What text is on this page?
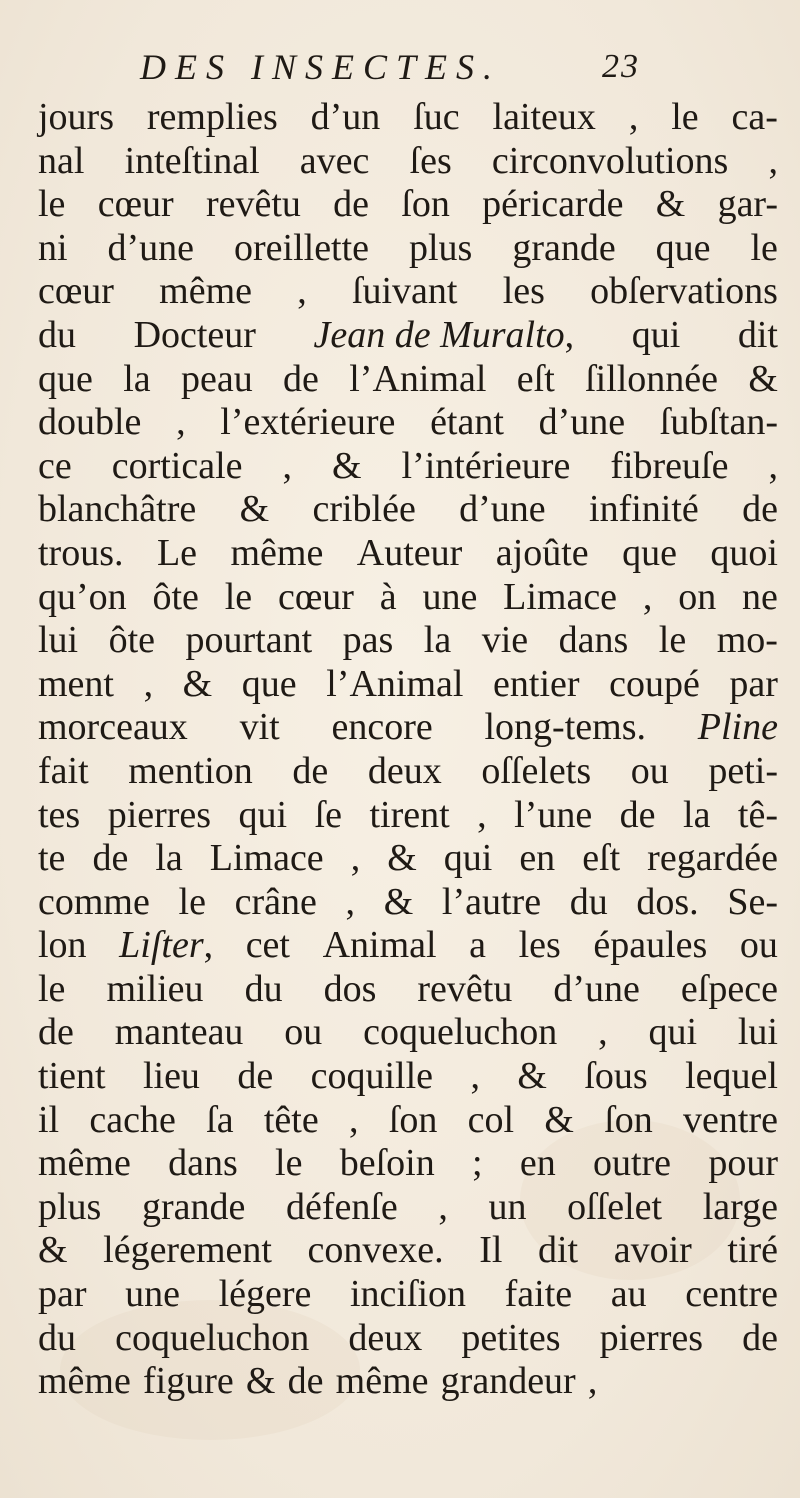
DES INSECTES.	23
jours remplies d’un ſuc laiteux , le ca-
nal inteſtinal avec ſes circonvolutions ,
le cœur revêtu de ſon péricarde & gar-
ni d’une oreillette plus grande que le
cœur même , ſuivant les obſervations
du Docteur Jean de Muralto, qui dit
que la peau de l’Animal eſt ſillonnée &
double , l’extérieure étant d’une ſubſtan-
ce corticale , & l’intérieure fibreuſe ,
blanchâtre & criblée d’une infinité de
trous. Le même Auteur ajoûte que quoi
qu’on ôte le cœur à une Limace , on ne
lui ôte pourtant pas la vie dans le mo-
ment , & que l’Animal entier coupé par
morceaux vit encore long-tems. Pline
fait mention de deux oſſelets ou peti-
tes pierres qui ſe tirent , l’une de la tê-
te de la Limace , & qui en eſt regardée
comme le crâne , & l’autre du dos. Se-
lon Liſter, cet Animal a les épaules ou
le milieu du dos revêtu d’une eſpece
de manteau ou coqueluchon , qui lui
tient lieu de coquille , & ſous lequel
il cache ſa tête , ſon col & ſon ventre
même dans le beſoin ; en outre pour
plus grande défenſe , un oſſelet large
& légerement convexe. Il dit avoir tiré
par une légere inciſion faite au centre
du coqueluchon deux petites pierres de
même figure & de même grandeur ,
